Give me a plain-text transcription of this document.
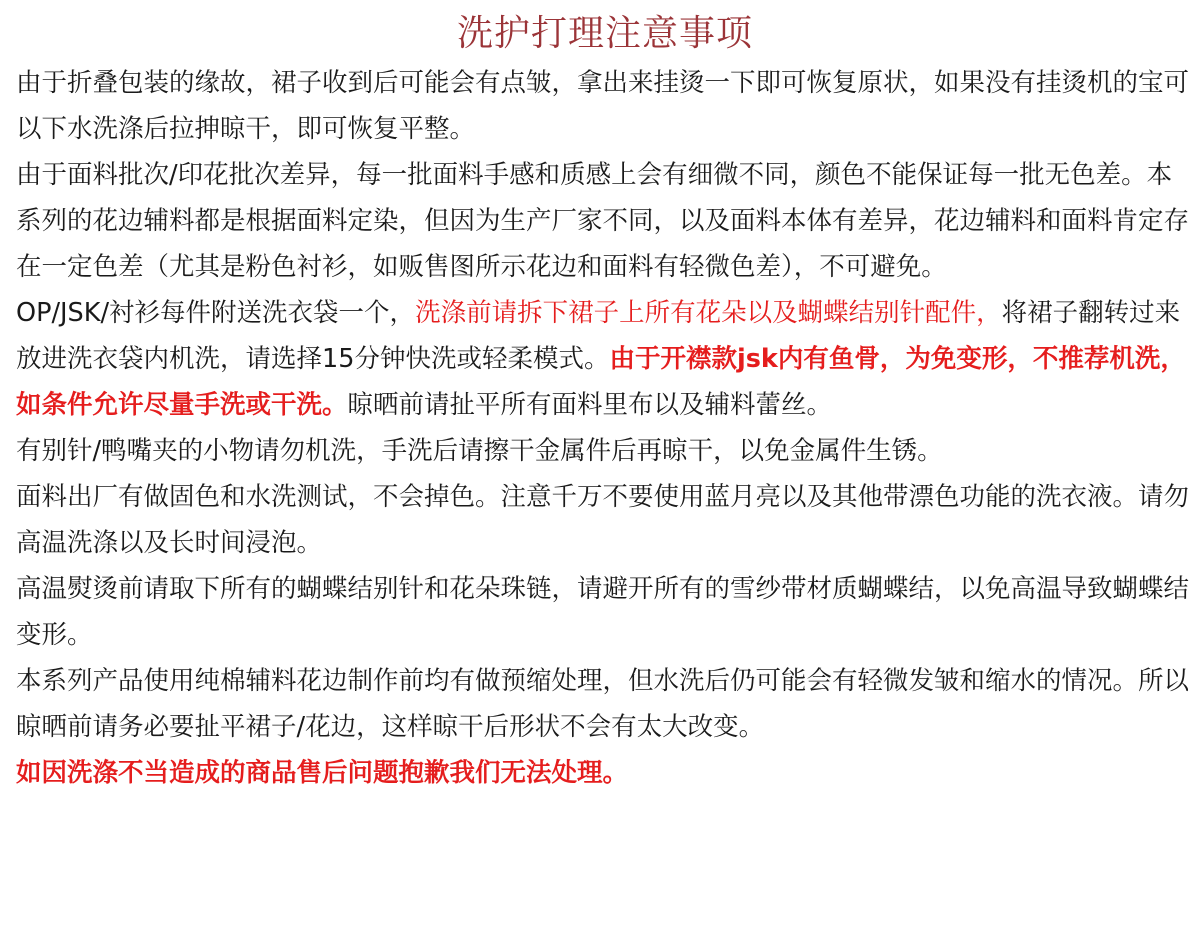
洗护打理注意事项

由于折叠包装的缘故，裙子收到后可能会有点皱，拿出来挂烫一下即可恢复原状，如果没有挂烫机的宝可以下水洗涤后拉抻晾干，即可恢复平整。

由于面料批次/印花批次差异，每一批面料手感和质感上会有细微不同，颜色不能保证每一批无色差。本系列的花边辅料都是根据面料定染，但因为生产厂家不同，以及面料本体有差异，花边辅料和面料肯定存在一定色差（尤其是粉色衬衫，如贩售图所示花边和面料有轻微色差），不可避免。

OP/JSK/衬衫每件附送洗衣袋一个，洗涤前请拆下裙子上所有花朵以及蝴蝶结别针配件，将裙子翻转过来放进洗衣袋内机洗，请选择15分钟快洗或轻柔模式。由于开襟款jsk内有鱼骨，为免变形，不推荐机洗，如条件允许尽量手洗或干洗。晾晒前请扯平所有面料里布以及辅料蕾丝。

有别针/鸭嘴夹的小物请勿机洗，手洗后请擦干金属件后再晾干，以免金属件生锈。

面料出厂有做固色和水洗测试，不会掉色。注意千万不要使用蓝月亮以及其他带漂色功能的洗衣液。请勿高温洗涤以及长时间浸泡。

高温熨烫前请取下所有的蝴蝶结别针和花朵珠链，请避开所有的雪纱带材质蝴蝶结，以免高温导致蝴蝶结变形。

本系列产品使用纯棉辅料花边制作前均有做预缩处理，但水洗后仍可能会有轻微发皱和缩水的情况。所以晾晒前请务必要扯平裙子/花边，这样晾干后形状不会有太大改变。

如因洗涤不当造成的商品售后问题抱歉我们无法处理。
